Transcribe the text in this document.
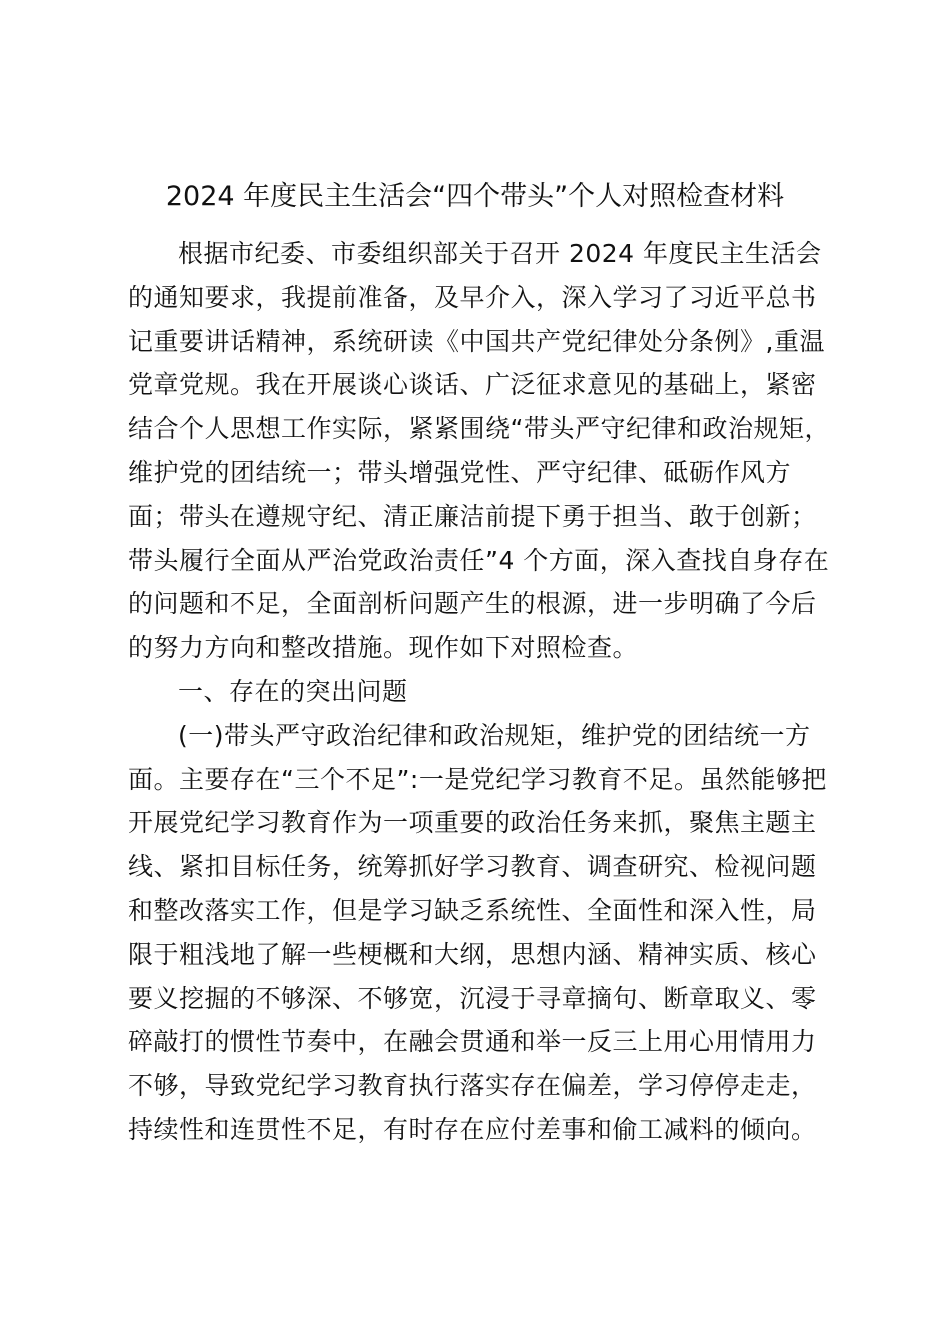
2024 年度民主生活会“四个带头”个人对照检查材料
根据市纪委、市委组织部关于召开 2024 年度民主生活会
的通知要求，我提前准备，及早介入，深入学习了习近平总书
记重要讲话精神，系统研读《中国共产党纪律处分条例》,重温
党章党规。我在开展谈心谈话、广泛征求意见的基础上，紧密
结合个人思想工作实际，紧紧围绕“带头严守纪律和政治规矩，
维护党的团结统一；带头增强党性、严守纪律、砥砺作风方
面；带头在遵规守纪、清正廉洁前提下勇于担当、敢于创新；
带头履行全面从严治党政治责任”4 个方面，深入查找自身存在
的问题和不足，全面剖析问题产生的根源，进一步明确了今后
的努力方向和整改措施。现作如下对照检查。
一、存在的突出问题
(一)带头严守政治纪律和政治规矩，维护党的团结统一方
面。主要存在“三个不足”:一是党纪学习教育不足。虽然能够把
开展党纪学习教育作为一项重要的政治任务来抓，聚焦主题主
线、紧扣目标任务，统筹抓好学习教育、调查研究、检视问题
和整改落实工作，但是学习缺乏系统性、全面性和深入性，局
限于粗浅地了解一些梗概和大纲，思想内涵、精神实质、核心
要义挖掘的不够深、不够宽，沉浸于寻章摘句、断章取义、零
碎敲打的惯性节奏中，在融会贯通和举一反三上用心用情用力
不够，导致党纪学习教育执行落实存在偏差，学习停停走走，
持续性和连贯性不足，有时存在应付差事和偷工减料的倾向。
